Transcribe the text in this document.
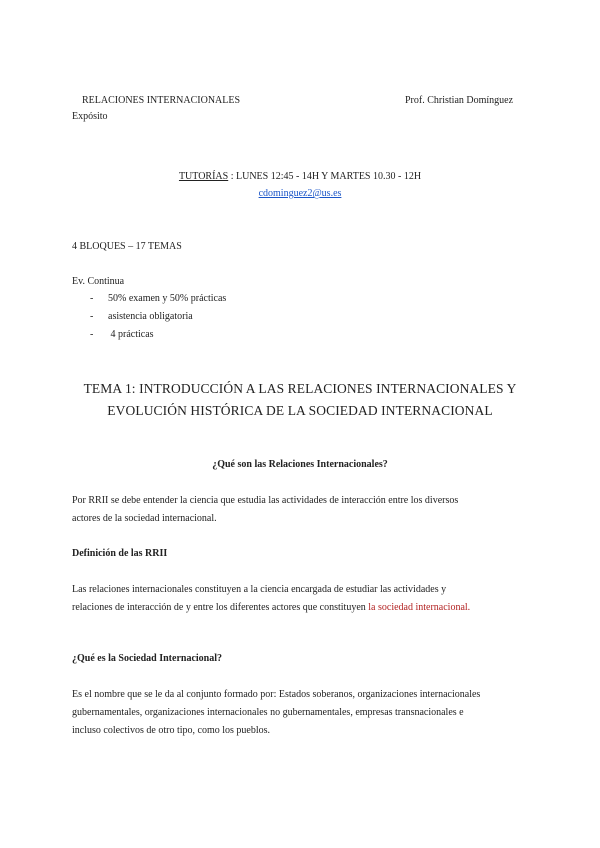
RELACIONES INTERNACIONALES	Prof. Christian Domínguez
Expósito
TUTORÍAS : LUNES 12:45 - 14H Y MARTES 10.30 - 12H
cdominguez2@us.es
4 BLOQUES – 17 TEMAS
Ev. Continua
- 50% examen y 50% prácticas
- asistencia obligatoria
- 4 prácticas
TEMA 1: INTRODUCCIÓN A LAS RELACIONES INTERNACIONALES Y
EVOLUCIÓN HISTÓRICA DE LA SOCIEDAD INTERNACIONAL
¿Qué son las Relaciones Internacionales?
Por RRII se debe entender la ciencia que estudia las actividades de interacción entre los diversos
actores de la sociedad internacional.
Definición de las RRII
Las relaciones internacionales constituyen a la ciencia encargada de estudiar las actividades y
relaciones de interacción de y entre los diferentes actores que constituyen la sociedad internacional.
¿Qué es la Sociedad Internacional?
Es el nombre que se le da al conjunto formado por: Estados soberanos, organizaciones internacionales
gubernamentales, organizaciones internacionales no gubernamentales, empresas transnacionales e
incluso colectivos de otro tipo, como los pueblos.
